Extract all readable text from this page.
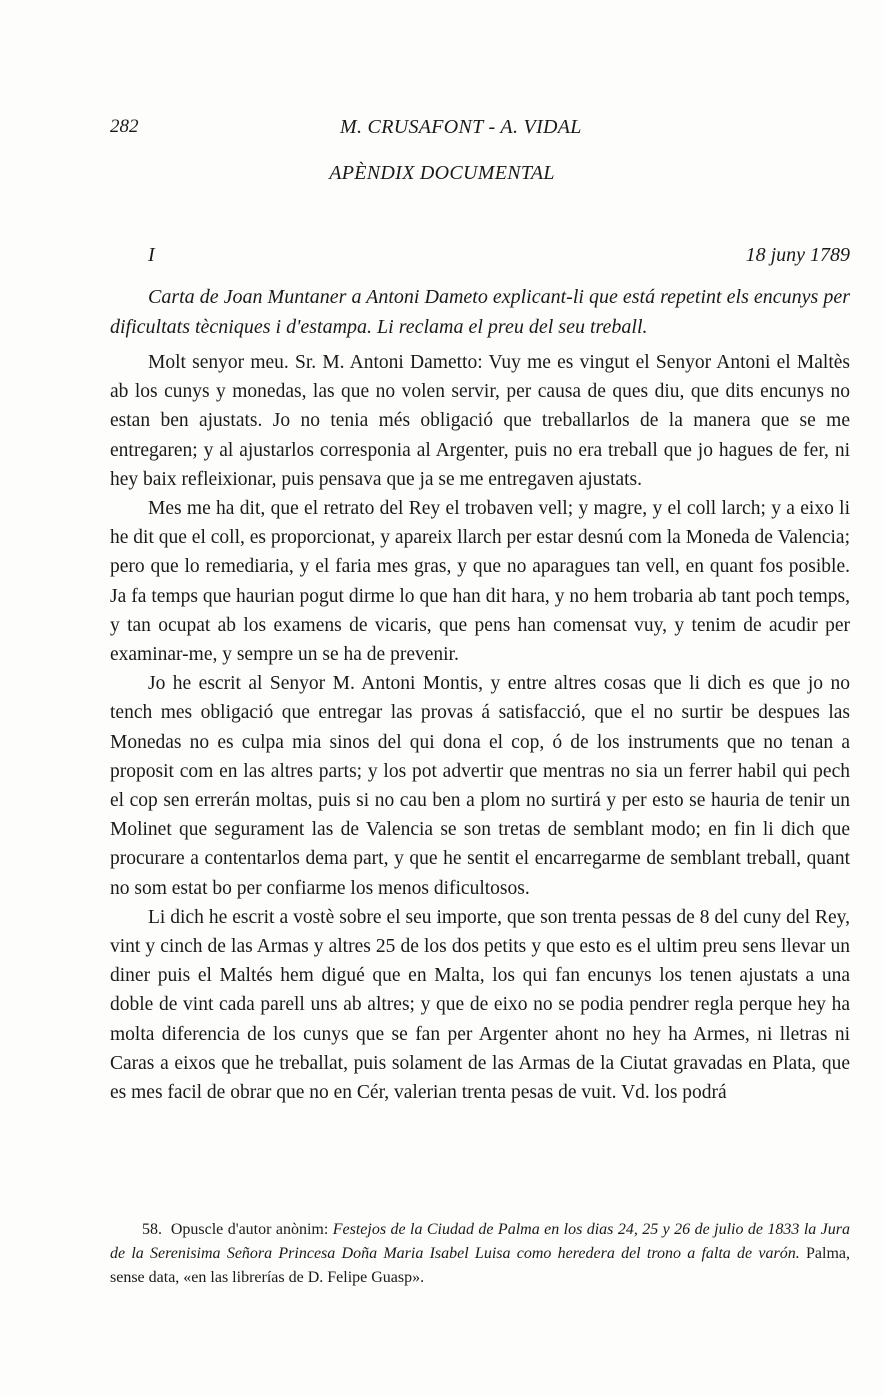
282	M. CRUSAFONT - A. VIDAL
APÈNDIX DOCUMENTAL
I	18 juny 1789

Carta de Joan Muntaner a Antoni Dameto explicant-li que está repetint els encunys per dificultats tècniques i d'estampa. Li reclama el preu del seu treball.

Molt senyor meu. Sr. M. Antoni Dametto: Vuy me es vingut el Senyor Antoni el Maltès ab los cunys y monedas, las que no volen servir, per causa de ques diu, que dits encunys no estan ben ajustats. Jo no tenia més obligació que treballarlos de la manera que se me entregaren; y al ajustarlos corresponia al Argenter, puis no era treball que jo hagues de fer, ni hey baix refleixionar, puis pensava que ja se me entregaven ajustats.

Mes me ha dit, que el retrato del Rey el trobaven vell; y magre, y el coll larch; y a eixo li he dit que el coll, es proporcionat, y apareix llarch per estar desnú com la Moneda de Valencia; pero que lo remediaria, y el faria mes gras, y que no aparagues tan vell, en quant fos posible. Ja fa temps que haurian pogut dirme lo que han dit hara, y no hem trobaria ab tant poch temps, y tan ocupat ab los examens de vicaris, que pens han comensat vuy, y tenim de acudir per examinar-me, y sempre un se ha de prevenir.

Jo he escrit al Senyor M. Antoni Montis, y entre altres cosas que li dich es que jo no tench mes obligació que entregar las provas á satisfacció, que el no surtir be despues las Monedas no es culpa mia sinos del qui dona el cop, ó de los instruments que no tenan a proposit com en las altres parts; y los pot advertir que mentras no sia un ferrer habil qui pech el cop sen errerán moltas, puis si no cau ben a plom no surtirá y per esto se hauria de tenir un Molinet que segurament las de Valencia se son tretas de semblant modo; en fin li dich que procurare a contentarlos dema part, y que he sentit el encarregarme de semblant treball, quant no som estat bo per confiarme los menos dificultosos.

Li dich he escrit a vostè sobre el seu importe, que son trenta pessas de 8 del cuny del Rey, vint y cinch de las Armas y altres 25 de los dos petits y que esto es el ultim preu sens llevar un diner puis el Maltés hem digué que en Malta, los qui fan encunys los tenen ajustats a una doble de vint cada parell uns ab altres; y que de eixo no se podia pendrer regla perque hey ha molta diferencia de los cunys que se fan per Argenter ahont no hey ha Armes, ni lletras ni Caras a eixos que he treballat, puis solament de las Armas de la Ciutat gravadas en Plata, que es mes facil de obrar que no en Cér, valerian trenta pesas de vuit. Vd. los podrá

58. Opuscle d'autor anònim: Festejos de la Ciudad de Palma en los dias 24, 25 y 26 de julio de 1833 la Jura de la Serenisima Señora Princesa Doña Maria Isabel Luisa como heredera del trono a falta de varón. Palma, sense data, «en las librerías de D. Felipe Guasp».
